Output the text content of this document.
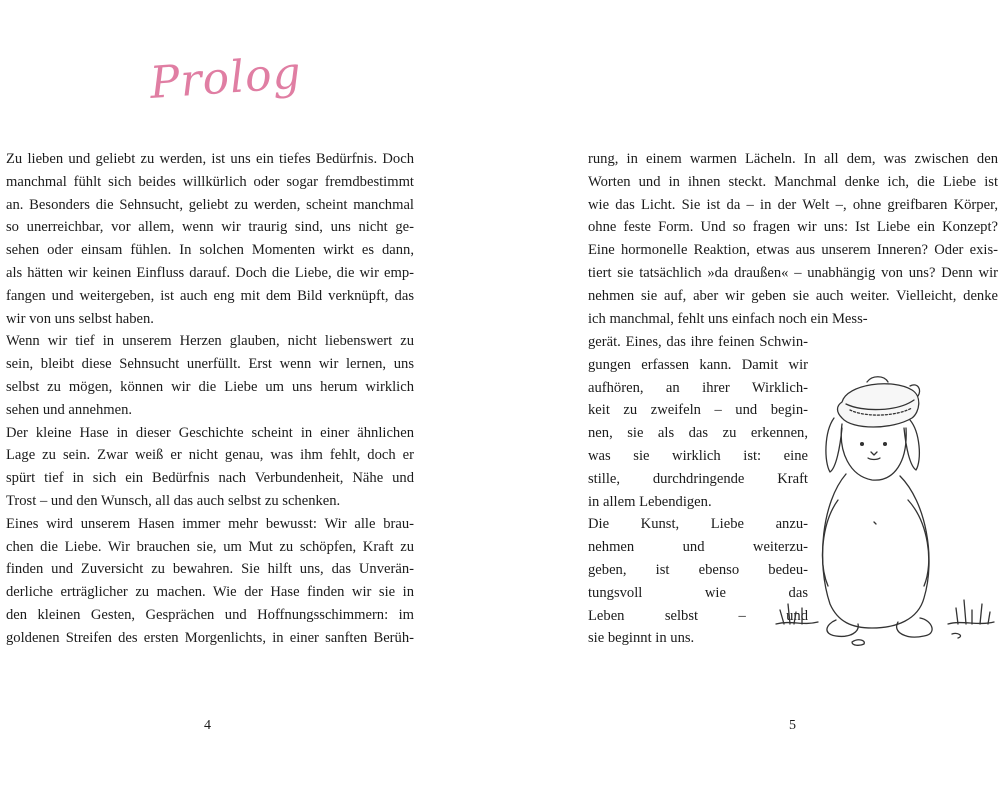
Prolog
Zu lieben und geliebt zu werden, ist uns ein tiefes Bedürfnis. Doch
manchmal fühlt sich beides willkürlich oder sogar fremdbestimmt
an. Besonders die Sehnsucht, geliebt zu werden, scheint manchmal
so unerreichbar, vor allem, wenn wir traurig sind, uns nicht ge-
sehen oder einsam fühlen. In solchen Momenten wirkt es dann,
als hätten wir keinen Einfluss darauf. Doch die Liebe, die wir emp-
fangen und weitergeben, ist auch eng mit dem Bild verknüpft, das
wir von uns selbst haben.
Wenn wir tief in unserem Herzen glauben, nicht liebenswert zu
sein, bleibt diese Sehnsucht unerfüllt. Erst wenn wir lernen, uns
selbst zu mögen, können wir die Liebe um uns herum wirklich
sehen und annehmen.
Der kleine Hase in dieser Geschichte scheint in einer ähnlichen
Lage zu sein. Zwar weiß er nicht genau, was ihm fehlt, doch er
spürt tief in sich ein Bedürfnis nach Verbundenheit, Nähe und
Trost – und den Wunsch, all das auch selbst zu schenken.
Eines wird unserem Hasen immer mehr bewusst: Wir alle brau-
chen die Liebe. Wir brauchen sie, um Mut zu schöpfen, Kraft zu
finden und Zuversicht zu bewahren. Sie hilft uns, das Unverän-
derliche erträglicher zu machen. Wie der Hase finden wir sie in
den kleinen Gesten, Gesprächen und Hoffnungsschimmern: im
goldenen Streifen des ersten Morgenlichts, in einer sanften Berüh-
4
rung, in einem warmen Lächeln. In all dem, was zwischen den
Worten und in ihnen steckt. Manchmal denke ich, die Liebe ist
wie das Licht. Sie ist da – in der Welt –, ohne greifbaren Körper,
ohne feste Form. Und so fragen wir uns: Ist Liebe ein Konzept?
Eine hormonelle Reaktion, etwas aus unserem Inneren? Oder exis-
tiert sie tatsächlich »da draußen« – unabhängig von uns? Denn wir
nehmen sie auf, aber wir geben sie auch weiter. Vielleicht, denke
ich manchmal, fehlt uns einfach noch ein Mess-
gerät. Eines, das ihre feinen Schwin-
gungen erfassen kann. Damit wir
aufhören, an ihrer Wirklich-
keit zu zweifeln – und begin-
nen, sie als das zu erkennen,
was sie wirklich ist: eine
stille, durchdringende Kraft
in allem Lebendigen.
Die Kunst, Liebe anzu-
nehmen und weiterzu-
geben, ist ebenso bedeu-
tungsvoll wie das
Leben selbst – und
sie beginnt in uns.
5
